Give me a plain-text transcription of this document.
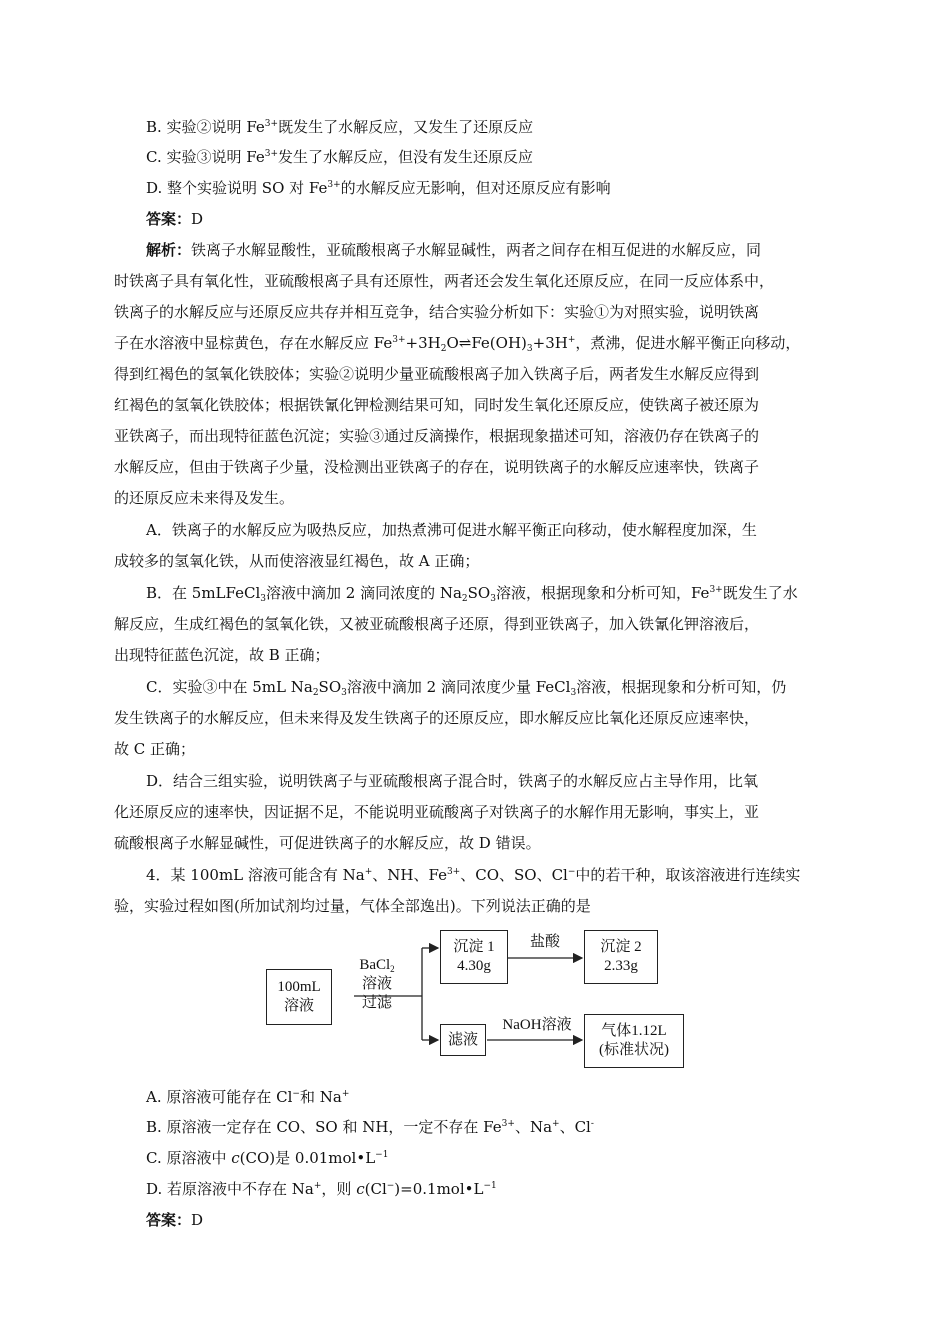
B. 实验②说明 $Fe^{3+}$既发生了水解反应，又发生了还原反应
C. 实验③说明 $Fe^{3+}$发生了水解反应，但没有发生还原反应
D. 整个实验说明 SO 对 $Fe^{3+}$的水解反应无影响，但对还原反应有影响
答案：D
解析：铁离子水解显酸性，亚硫酸根离子水解显碱性，两者之间存在相互促进的水解反应，同
时铁离子具有氧化性，亚硫酸根离子具有还原性，两者还会发生氧化还原反应，在同一反应体系中，
铁离子的水解反应与还原反应共存并相互竞争，结合实验分析如下：实验①为对照实验，说明铁离
子在水溶液中显棕黄色，存在水解反应 $Fe^{3+}+3H_2O\rightleftharpoons Fe(OH)_3+3H^+$，煮沸，促进水解平衡正向移动，
得到红褐色的氢氧化铁胶体；实验②说明少量亚硫酸根离子加入铁离子后，两者发生水解反应得到
红褐色的氢氧化铁胶体；根据铁氰化钾检测结果可知，同时发生氧化还原反应，使铁离子被还原为
亚铁离子，而出现特征蓝色沉淀；实验③通过反滴操作，根据现象描述可知，溶液仍存在铁离子的
水解反应，但由于铁离子少量，没检测出亚铁离子的存在，说明铁离子的水解反应速率快，铁离子
的还原反应未来得及发生。
A．铁离子的水解反应为吸热反应，加热煮沸可促进水解平衡正向移动，使水解程度加深，生
成较多的氢氧化铁，从而使溶液显红褐色，故 A 正确；
B．在 5mLFeCl$_3$溶液中滴加 2 滴同浓度的 $Na_2SO_3$溶液，根据现象和分析可知，$Fe^{3+}$既发生了水
解反应，生成红褐色的氢氧化铁，又被亚硫酸根离子还原，得到亚铁离子，加入铁氰化钾溶液后，
出现特征蓝色沉淀，故 B 正确；
C．实验③中在 5mL $Na_2SO_3$溶液中滴加 2 滴同浓度少量 FeCl$_3$溶液，根据现象和分析可知，仍
发生铁离子的水解反应，但未来得及发生铁离子的还原反应，即水解反应比氧化还原反应速率快，
故 C 正确；
D．结合三组实验，说明铁离子与亚硫酸根离子混合时，铁离子的水解反应占主导作用，比氧
化还原反应的速率快，因证据不足，不能说明亚硫酸离子对铁离子的水解作用无影响，事实上，亚
硫酸根离子水解显碱性，可促进铁离子的水解反应，故 D 错误。
4．某 100mL 溶液可能含有 Na+、NH、$Fe^{3+}$、CO、SO、Cl−中的若干种，取该溶液进行连续实
验，实验过程如图(所加试剂均过量，气体全部逸出)。下列说法正确的是
100mL
溶液
BaCl$_2$
溶液
过滤
沉淀 1
4.30g
盐酸	沉淀 2
2.33g
滤液
NaOH溶液	气体1.12L
(标准状况)
A. 原溶液可能存在 Cl−和 Na+
B. 原溶液一定存在 CO、SO 和 NH，一定不存在 $Fe^{3+}$、Na+、Cl-
C. 原溶液中 c(CO)是 $0.01mol•L^{-1}$
D. 若原溶液中不存在 Na+，则 $c(Cl^-)=0.1mol•L^{-1}$
答案：D
